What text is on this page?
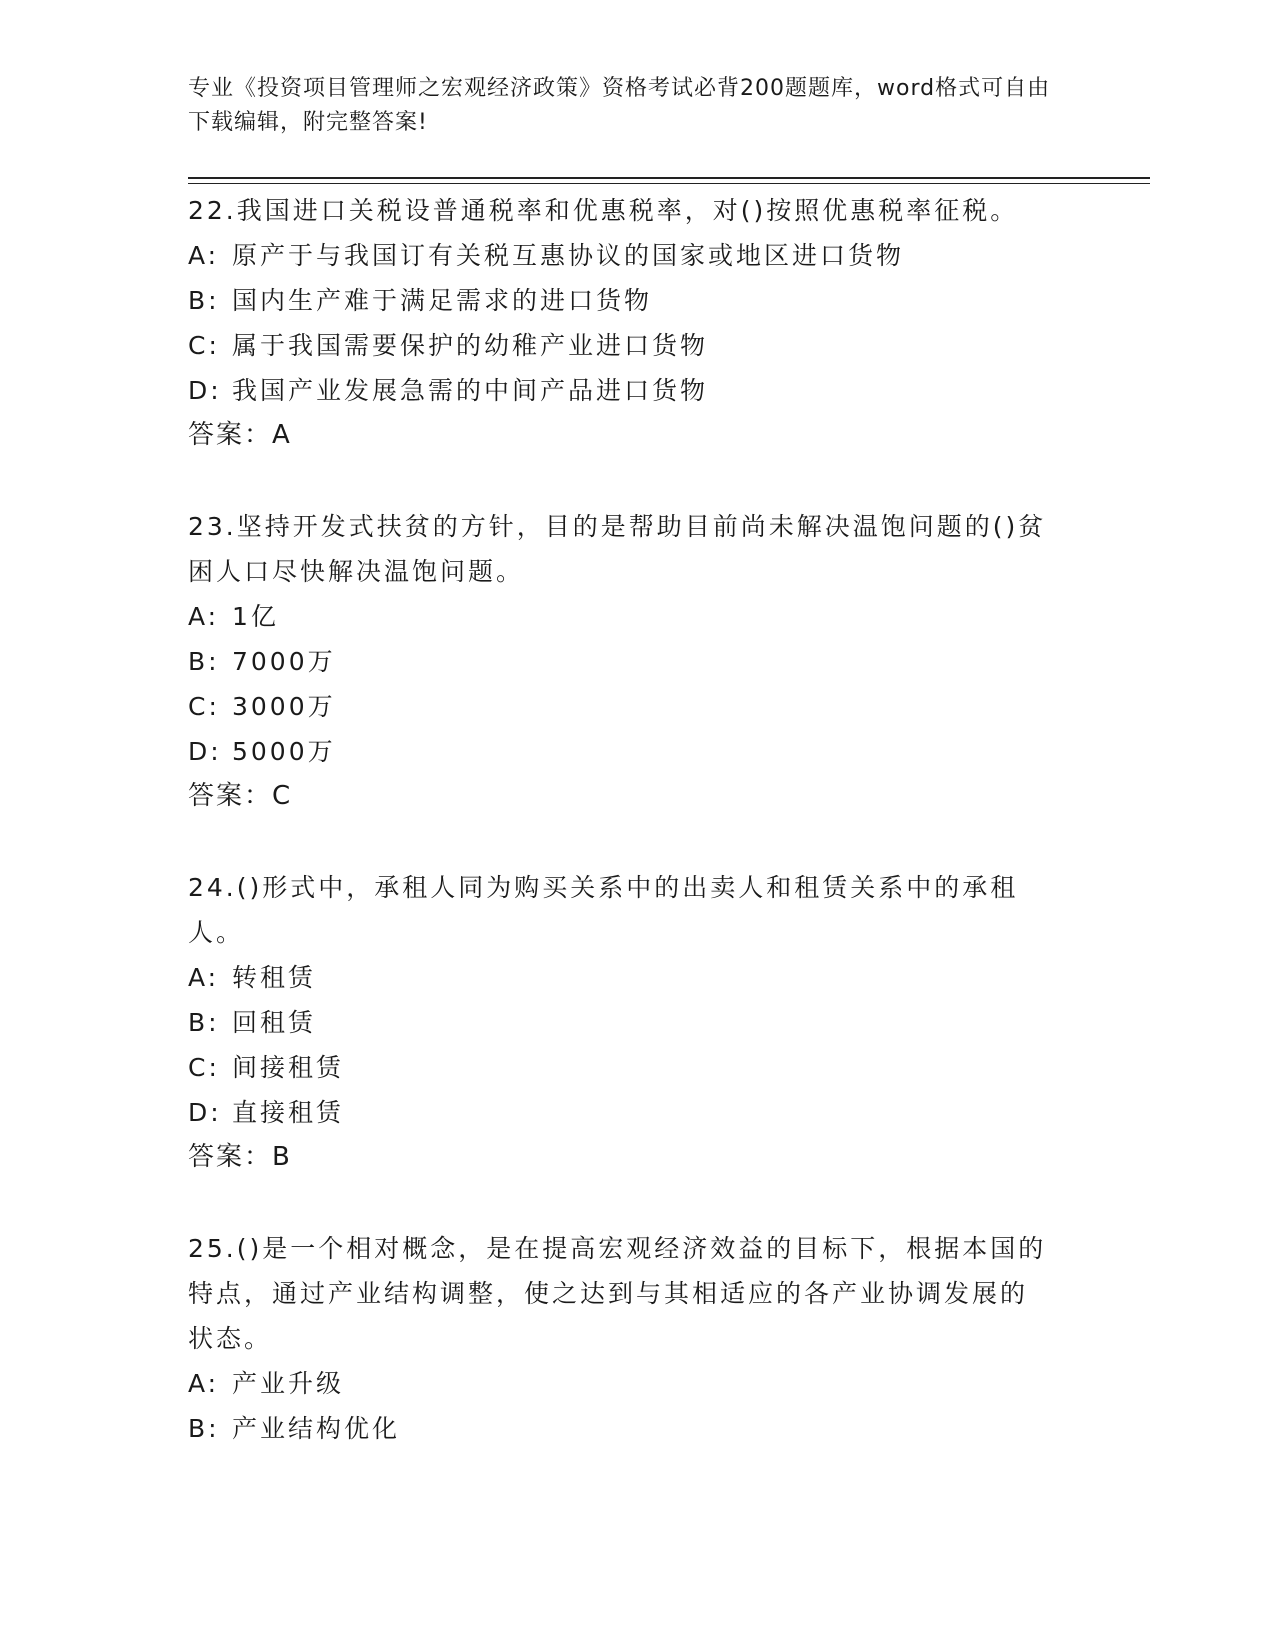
专业《投资项目管理师之宏观经济政策》资格考试必背200题题库，word格式可自由下载编辑，附完整答案!

22.我国进口关税设普通税率和优惠税率，对()按照优惠税率征税。

A: 原产于与我国订有关税互惠协议的国家或地区进口货物

B: 国内生产难于满足需求的进口货物

C: 属于我国需要保护的幼稚产业进口货物

D: 我国产业发展急需的中间产品进口货物

答案：A

23.坚持开发式扶贫的方针，目的是帮助目前尚未解决温饱问题的()贫困人口尽快解决温饱问题。

A: 1亿

B: 7000万

C: 3000万

D: 5000万

答案：C

24.()形式中，承租人同为购买关系中的出卖人和租赁关系中的承租人。

A: 转租赁

B: 回租赁

C: 间接租赁

D: 直接租赁

答案：B

25.()是一个相对概念，是在提高宏观经济效益的目标下，根据本国的特点，通过产业结构调整，使之达到与其相适应的各产业协调发展的状态。

A: 产业升级

B: 产业结构优化
